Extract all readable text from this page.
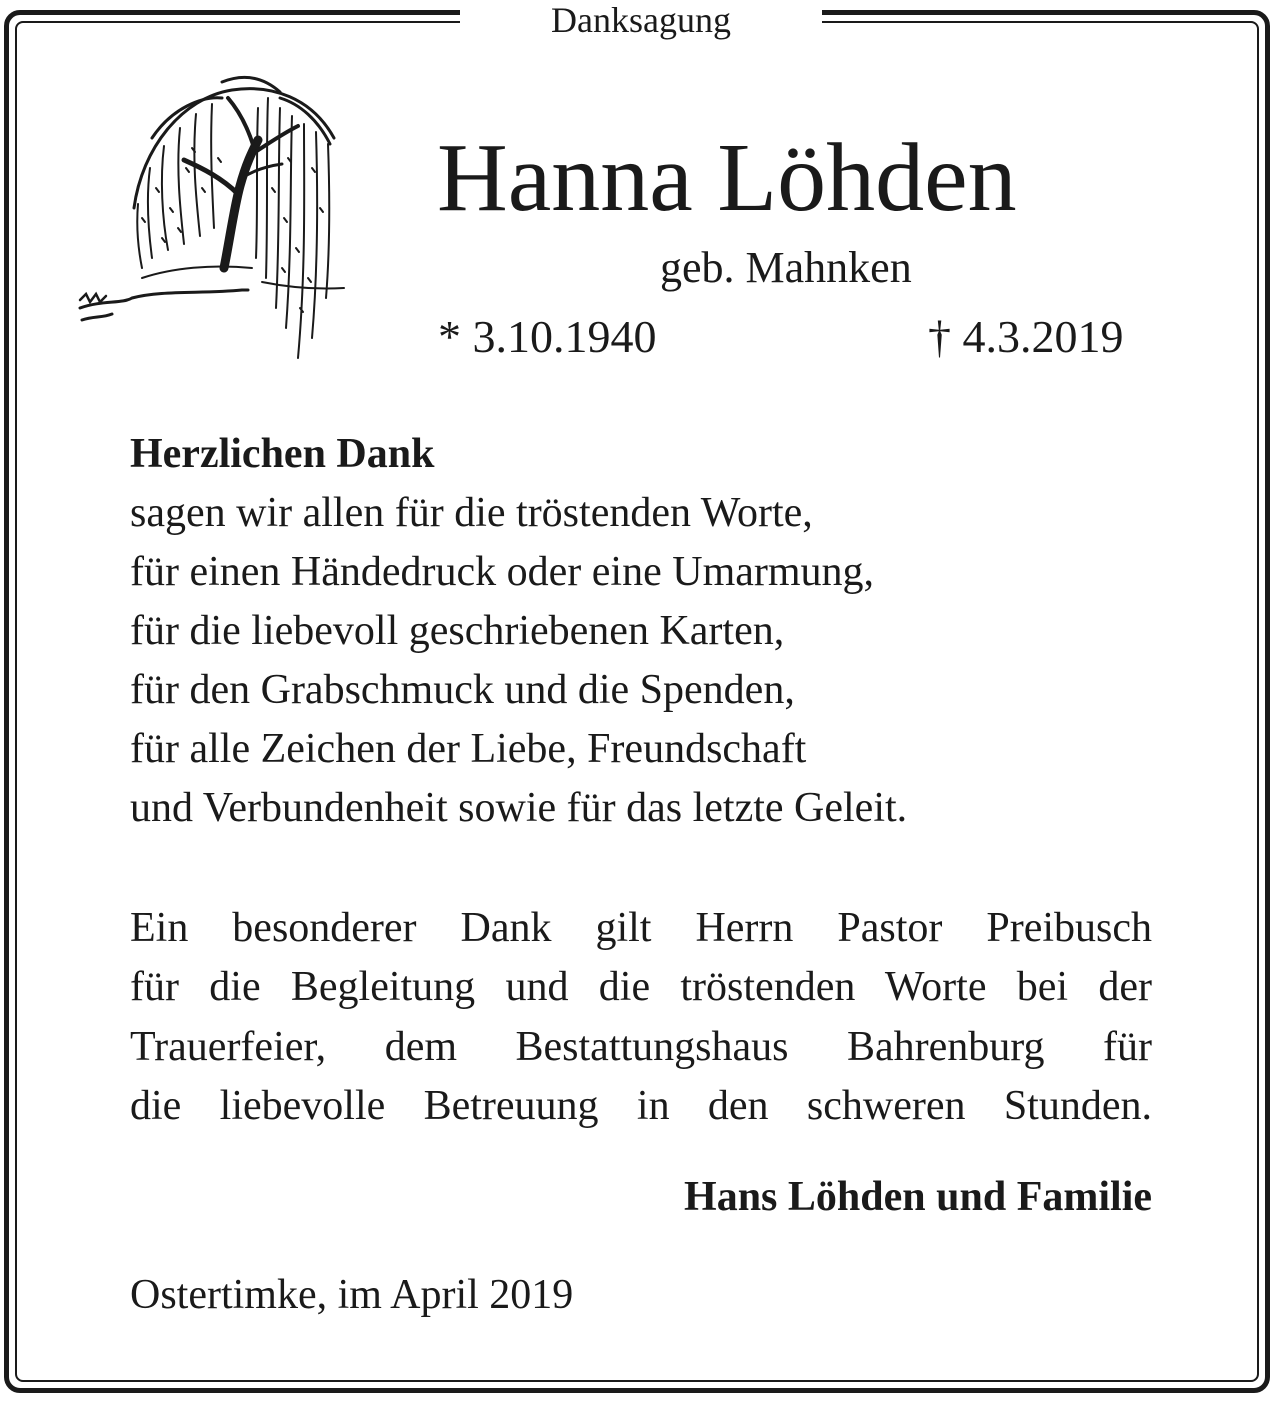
Danksagung
Hanna Löhden
geb. Mahnken
* 3.10.1940	† 4.3.2019
Herzlichen Dank
sagen wir allen für die tröstenden Worte,
für einen Händedruck oder eine Umarmung,
für die liebevoll geschriebenen Karten,
für den Grabschmuck und die Spenden,
für alle Zeichen der Liebe, Freundschaft
und Verbundenheit sowie für das letzte Geleit.
Ein besonderer Dank gilt Herrn Pastor Preibusch
für die Begleitung und die tröstenden Worte bei der
Trauerfeier, dem Bestattungshaus Bahrenburg für
die liebevolle Betreuung in den schweren Stunden.
Hans Löhden und Familie
Ostertimke, im April 2019
